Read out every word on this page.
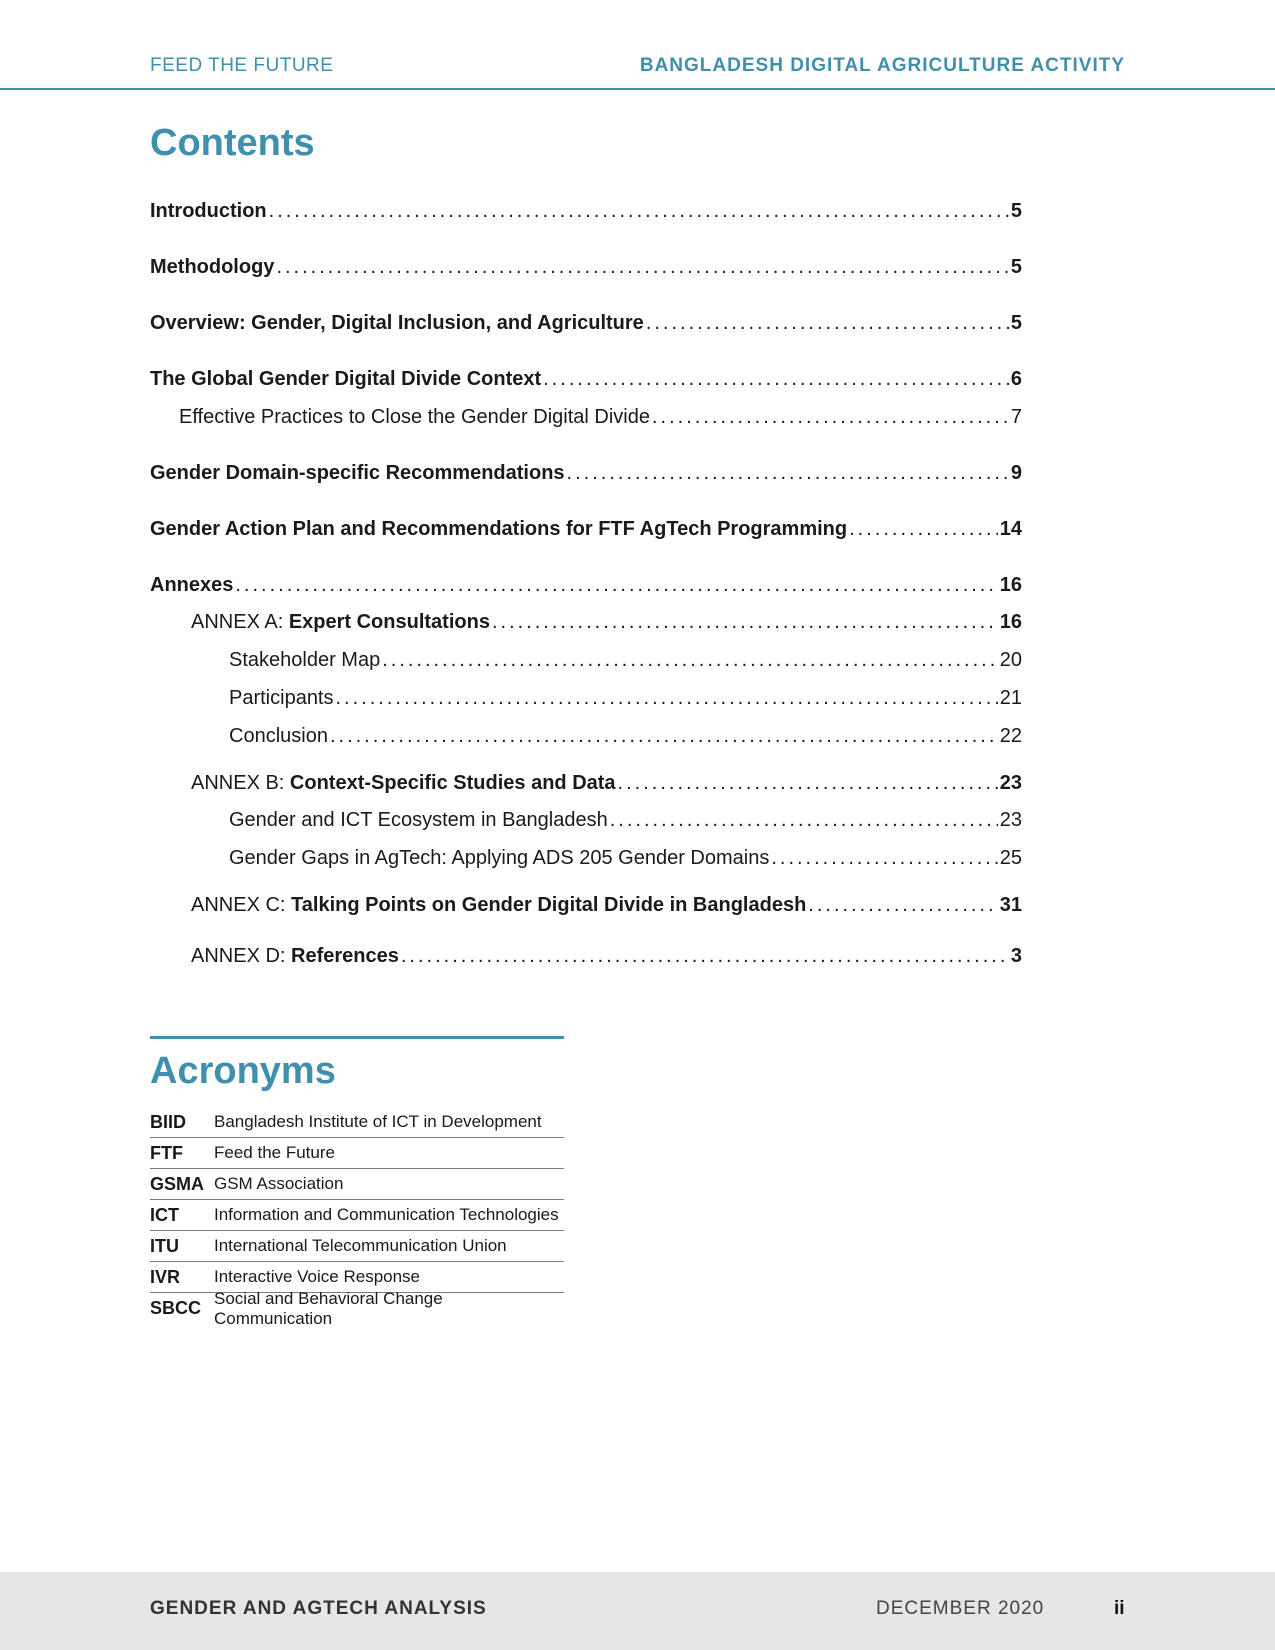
FEED THE FUTURE	BANGLADESH DIGITAL AGRICULTURE ACTIVITY
Contents
Introduction .....	5
Methodology .....	5
Overview: Gender, Digital Inclusion, and Agriculture .....	5
The Global Gender Digital Divide Context .....	6
Effective Practices to Close the Gender Digital Divide .....	7
Gender Domain-specific Recommendations .....	9
Gender Action Plan and Recommendations for FTF AgTech Programming .....	14
Annexes .....	16
ANNEX A: Expert Consultations .....	16
Stakeholder Map .....	20
Participants .....	21
Conclusion .....	22
ANNEX B: Context-Specific Studies and Data .....	23
Gender and ICT Ecosystem in Bangladesh .....	23
Gender Gaps in AgTech: Applying ADS 205 Gender Domains .....	25
ANNEX C: Talking Points on Gender Digital Divide in Bangladesh .....	31
ANNEX D: References .....	3
Acronyms
BIID	Bangladesh Institute of ICT in Development
FTF	Feed the Future
GSMA GSM Association
ICT	Information and Communication Technologies
ITU	International Telecommunication Union
IVR	Interactive Voice Response
SBCC Social and Behavioral Change Communication
GENDER AND AGTECH ANALYSIS	DECEMBER 2020	ii
